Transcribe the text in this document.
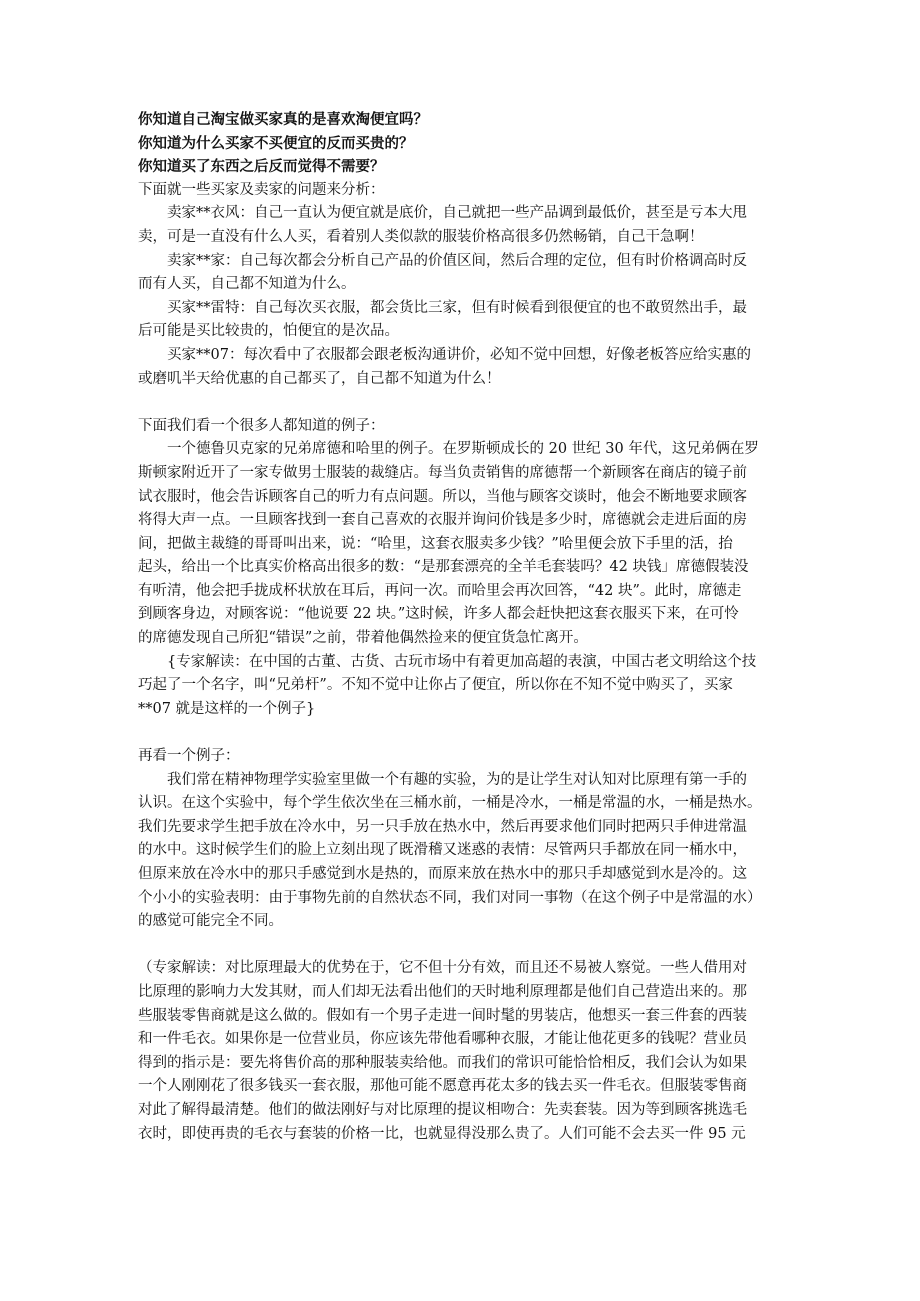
你知道自己淘宝做买家真的是喜欢淘便宜吗？
你知道为什么买家不买便宜的反而买贵的？
你知道买了东西之后反而觉得不需要？
下面就一些买家及卖家的问题来分析：
卖家**衣风：自己一直认为便宜就是底价，自己就把一些产品调到最低价，甚至是亏本大甩
卖，可是一直没有什么人买，看着别人类似款的服装价格高很多仍然畅销，自己干急啊！
卖家**家：自己每次都会分析自己产品的价值区间，然后合理的定位，但有时价格调高时反
而有人买，自己都不知道为什么。
买家**雷特：自己每次买衣服，都会货比三家，但有时候看到很便宜的也不敢贸然出手，最
后可能是买比较贵的，怕便宜的是次品。
买家**07：每次看中了衣服都会跟老板沟通讲价，必知不觉中回想，好像老板答应给实惠的
或磨叽半天给优惠的自己都买了，自己都不知道为什么！
下面我们看一个很多人都知道的例子：
一个德鲁贝克家的兄弟席德和哈里的例子。在罗斯顿成长的 20 世纪 30 年代，这兄弟俩在罗
斯顿家附近开了一家专做男士服装的裁缝店。每当负责销售的席德帮一个新顾客在商店的镜子前
试衣服时，他会告诉顾客自己的听力有点问题。所以，当他与顾客交谈时，他会不断地要求顾客
将得大声一点。一旦顾客找到一套自己喜欢的衣服并询问价钱是多少时，席德就会走进后面的房
间，把做主裁缝的哥哥叫出来，说：“哈里，这套衣服卖多少钱？”哈里便会放下手里的活，抬
起头，给出一个比真实价格高出很多的数：“是那套漂亮的全羊毛套装吗？42 块钱」席德假装没
有听清，他会把手拢成杯状放在耳后，再问一次。而哈里会再次回答，“42 块”。此时，席德走
到顾客身边，对顾客说：“他说要 22 块。”这时候，许多人都会赶快把这套衣服买下来，在可怜
的席德发现自己所犯“错误”之前，带着他偶然捡来的便宜货急忙离开。
{专家解读：在中国的古董、古货、古玩市场中有着更加高超的表演，中国古老文明给这个技
巧起了一个名字，叫“兄弟杆”。不知不觉中让你占了便宜，所以你在不知不觉中购买了，买家
**07 就是这样的一个例子}
再看一个例子：
我们常在精神物理学实验室里做一个有趣的实验，为的是让学生对认知对比原理有第一手的
认识。在这个实验中，每个学生依次坐在三桶水前，一桶是冷水，一桶是常温的水，一桶是热水。
我们先要求学生把手放在冷水中，另一只手放在热水中，然后再要求他们同时把两只手伸进常温
的水中。这时候学生们的脸上立刻出现了既滑稽又迷惑的表情：尽管两只手都放在同一桶水中，
但原来放在冷水中的那只手感觉到水是热的，而原来放在热水中的那只手却感觉到水是冷的。这
个小小的实验表明：由于事物先前的自然状态不同，我们对同一事物（在这个例子中是常温的水）
的感觉可能完全不同。
（专家解读：对比原理最大的优势在于，它不但十分有效，而且还不易被人察觉。一些人借用对
比原理的影响力大发其财，而人们却无法看出他们的天时地利原理都是他们自己营造出来的。那
些服装零售商就是这么做的。假如有一个男子走进一间时髦的男装店，他想买一套三件套的西装
和一件毛衣。如果你是一位营业员，你应该先带他看哪种衣服，才能让他花更多的钱呢？营业员
得到的指示是：要先将售价高的那种服装卖给他。而我们的常识可能恰恰相反，我们会认为如果
一个人刚刚花了很多钱买一套衣服，那他可能不愿意再花太多的钱去买一件毛衣。但服装零售商
对此了解得最清楚。他们的做法刚好与对比原理的提议相吻合：先卖套装。因为等到顾客挑选毛
衣时，即使再贵的毛衣与套装的价格一比，也就显得没那么贵了。人们可能不会去买一件 95 元
